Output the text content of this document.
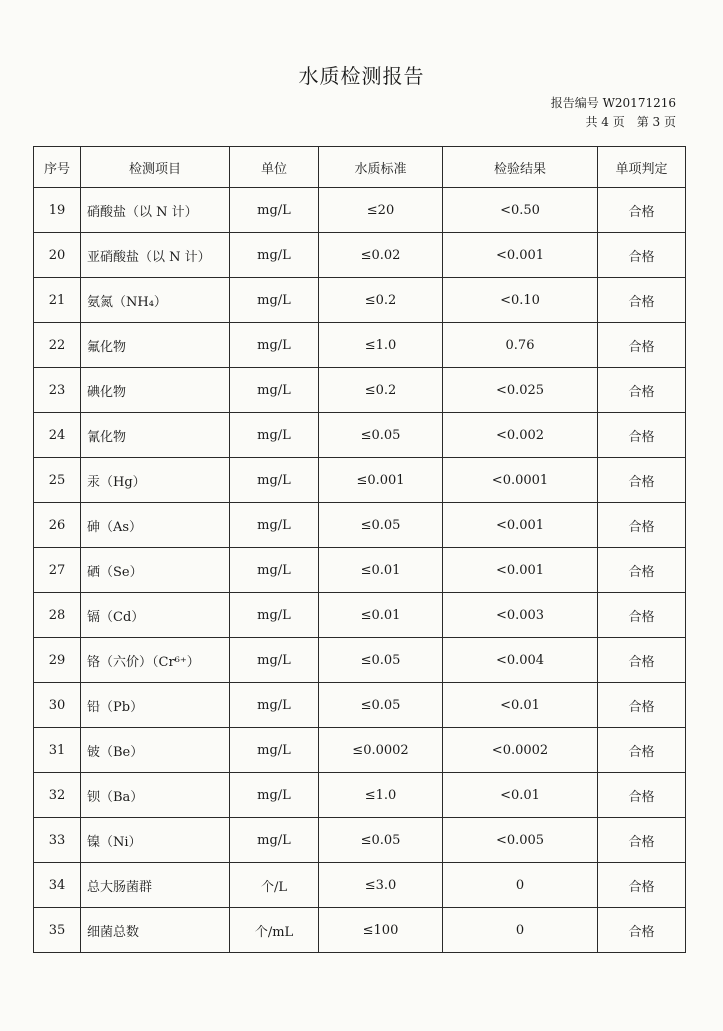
水质检测报告
报告编号 W20171216
共 4 页　第 3 页
序号	检测项目	单位	水质标准	检验结果	单项判定
19	硝酸盐（以 N 计）	mg/L	≤20	<0.50	合格
20	亚硝酸盐（以 N 计）	mg/L	≤0.02	<0.001	合格
21	氨氮（NH₄）	mg/L	≤0.2	<0.10	合格
22	氟化物	mg/L	≤1.0	0.76	合格
23	碘化物	mg/L	≤0.2	<0.025	合格
24	氰化物	mg/L	≤0.05	<0.002	合格
25	汞（Hg）	mg/L	≤0.001	<0.0001	合格
26	砷（As）	mg/L	≤0.05	<0.001	合格
27	硒（Se）	mg/L	≤0.01	<0.001	合格
28	镉（Cd）	mg/L	≤0.01	<0.003	合格
29	铬（六价）（Cr⁶⁺）	mg/L	≤0.05	<0.004	合格
30	铅（Pb）	mg/L	≤0.05	<0.01	合格
31	铍（Be）	mg/L	≤0.0002	<0.0002	合格
32	钡（Ba）	mg/L	≤1.0	<0.01	合格
33	镍（Ni）	mg/L	≤0.05	<0.005	合格
34	总大肠菌群	个/L	≤3.0	0	合格
35	细菌总数	个/mL	≤100	0	合格
